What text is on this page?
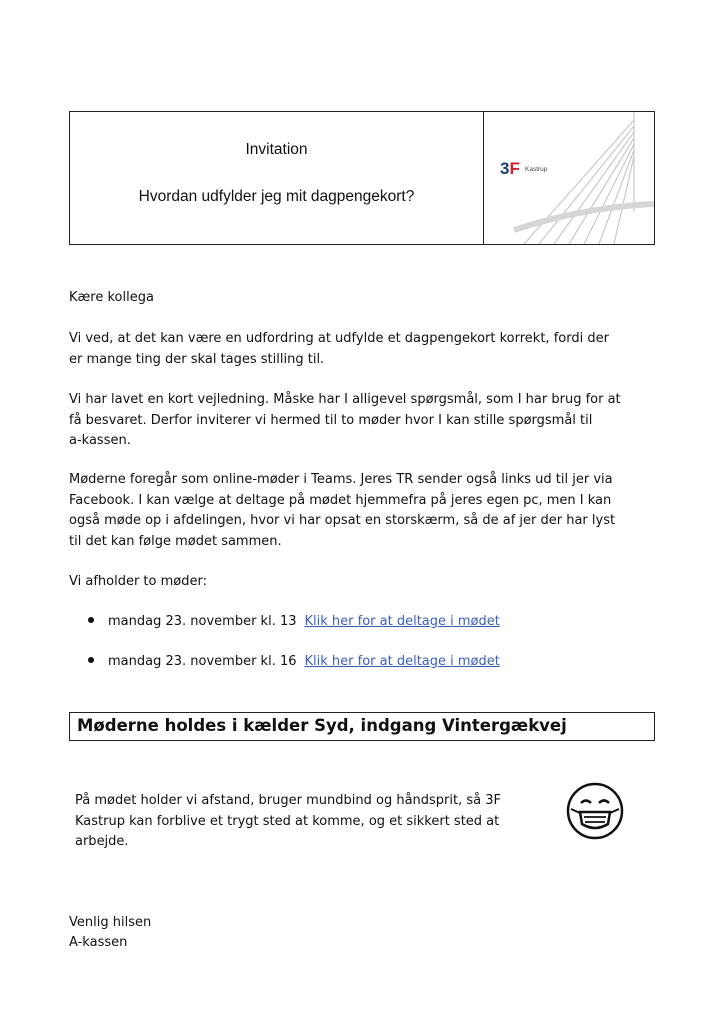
Invitation
Hvordan udfylder jeg mit dagpengekort?
3F Kastrup

Kære kollega

Vi ved, at det kan være en udfordring at udfylde et dagpengekort korrekt, fordi der
er mange ting der skal tages stilling til.

Vi har lavet en kort vejledning. Måske har I alligevel spørgsmål, som I har brug for at
få besvaret. Derfor inviterer vi hermed til to møder hvor I kan stille spørgsmål til
a-kassen.

Møderne foregår som online-møder i Teams. Jeres TR sender også links ud til jer via
Facebook. I kan vælge at deltage på mødet hjemmefra på jeres egen pc, men I kan
også møde op i afdelingen, hvor vi har opsat en storskærm, så de af jer der har lyst
til det kan følge mødet sammen.

Vi afholder to møder:

mandag 23. november kl. 13 Klik her for at deltage i mødet
mandag 23. november kl. 16 Klik her for at deltage i mødet
Møderne holdes i kælder Syd, indgang Vintergækvej

På mødet holder vi afstand, bruger mundbind og håndsprit, så 3F
Kastrup kan forblive et trygt sted at komme, og et sikkert sted at
arbejde.

Venlig hilsen

A-kassen
